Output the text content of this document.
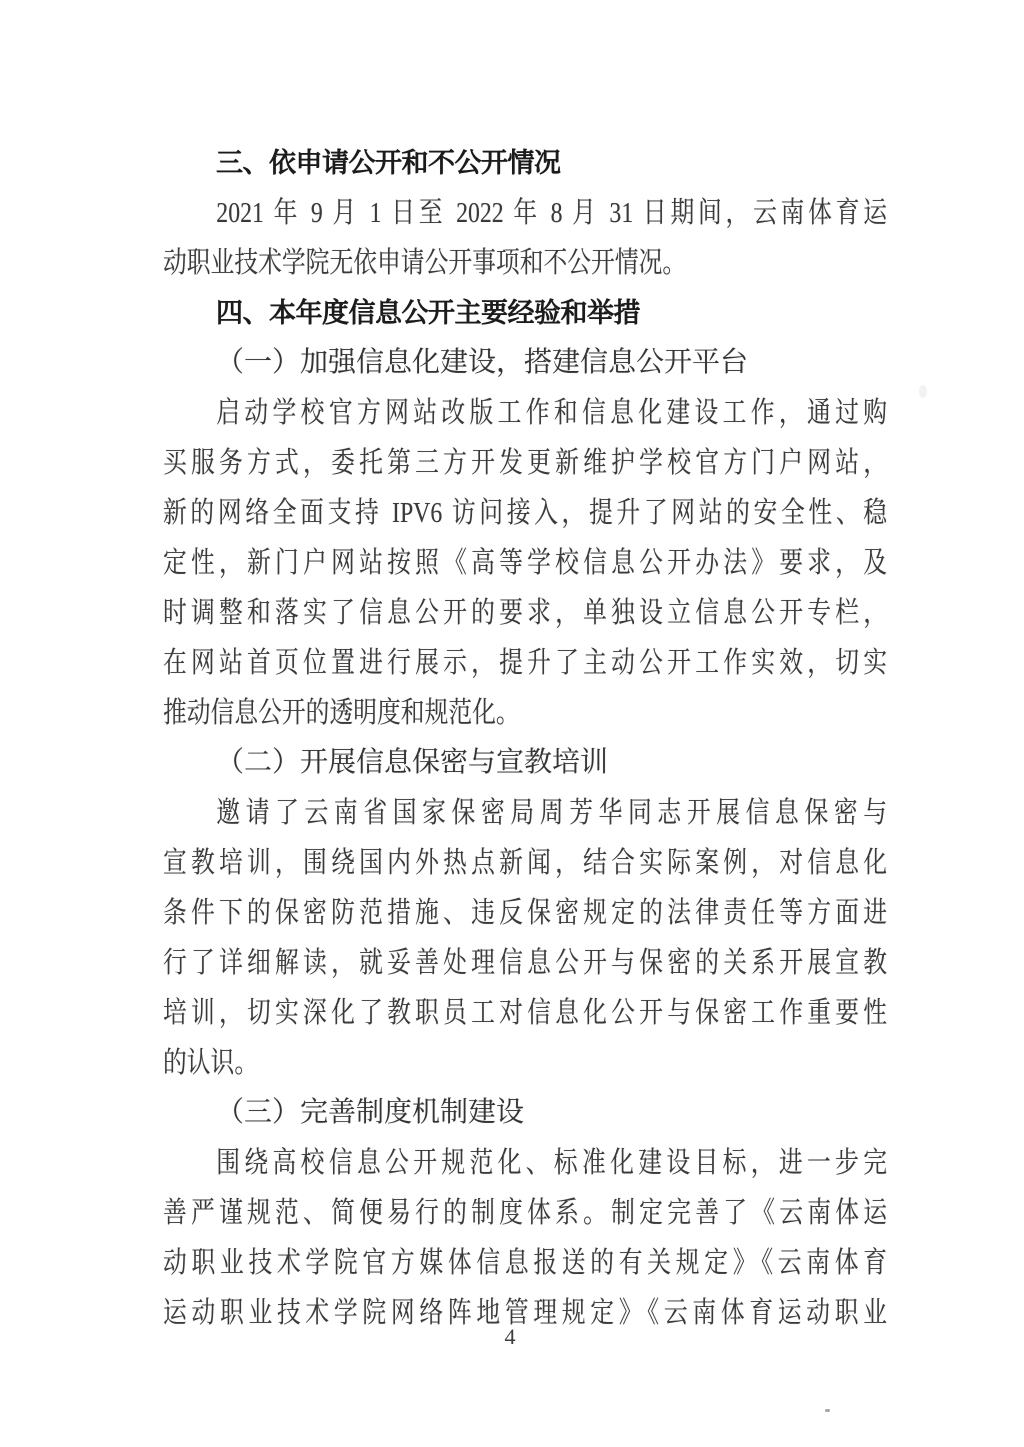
三、依申请公开和不公开情况
2021 年 9 月 1 日至 2022 年 8 月 31 日期间，云南体育运
动职业技术学院无依申请公开事项和不公开情况。
四、本年度信息公开主要经验和举措
（一）加强信息化建设，搭建信息公开平台
启动学校官方网站改版工作和信息化建设工作，通过购
买服务方式，委托第三方开发更新维护学校官方门户网站，
新的网络全面支持 IPV6 访问接入，提升了网站的安全性、稳
定性，新门户网站按照《高等学校信息公开办法》要求，及
时调整和落实了信息公开的要求，单独设立信息公开专栏，
在网站首页位置进行展示，提升了主动公开工作实效，切实
推动信息公开的透明度和规范化。
（二）开展信息保密与宣教培训
邀请了云南省国家保密局周芳华同志开展信息保密与
宣教培训，围绕国内外热点新闻，结合实际案例，对信息化
条件下的保密防范措施、违反保密规定的法律责任等方面进
行了详细解读，就妥善处理信息公开与保密的关系开展宣教
培训，切实深化了教职员工对信息化公开与保密工作重要性
的认识。
（三）完善制度机制建设
围绕高校信息公开规范化、标准化建设目标，进一步完
善严谨规范、简便易行的制度体系。制定完善了《云南体运
动职业技术学院官方媒体信息报送的有关规定》《云南体育
运动职业技术学院网络阵地管理规定》《云南体育运动职业
4
